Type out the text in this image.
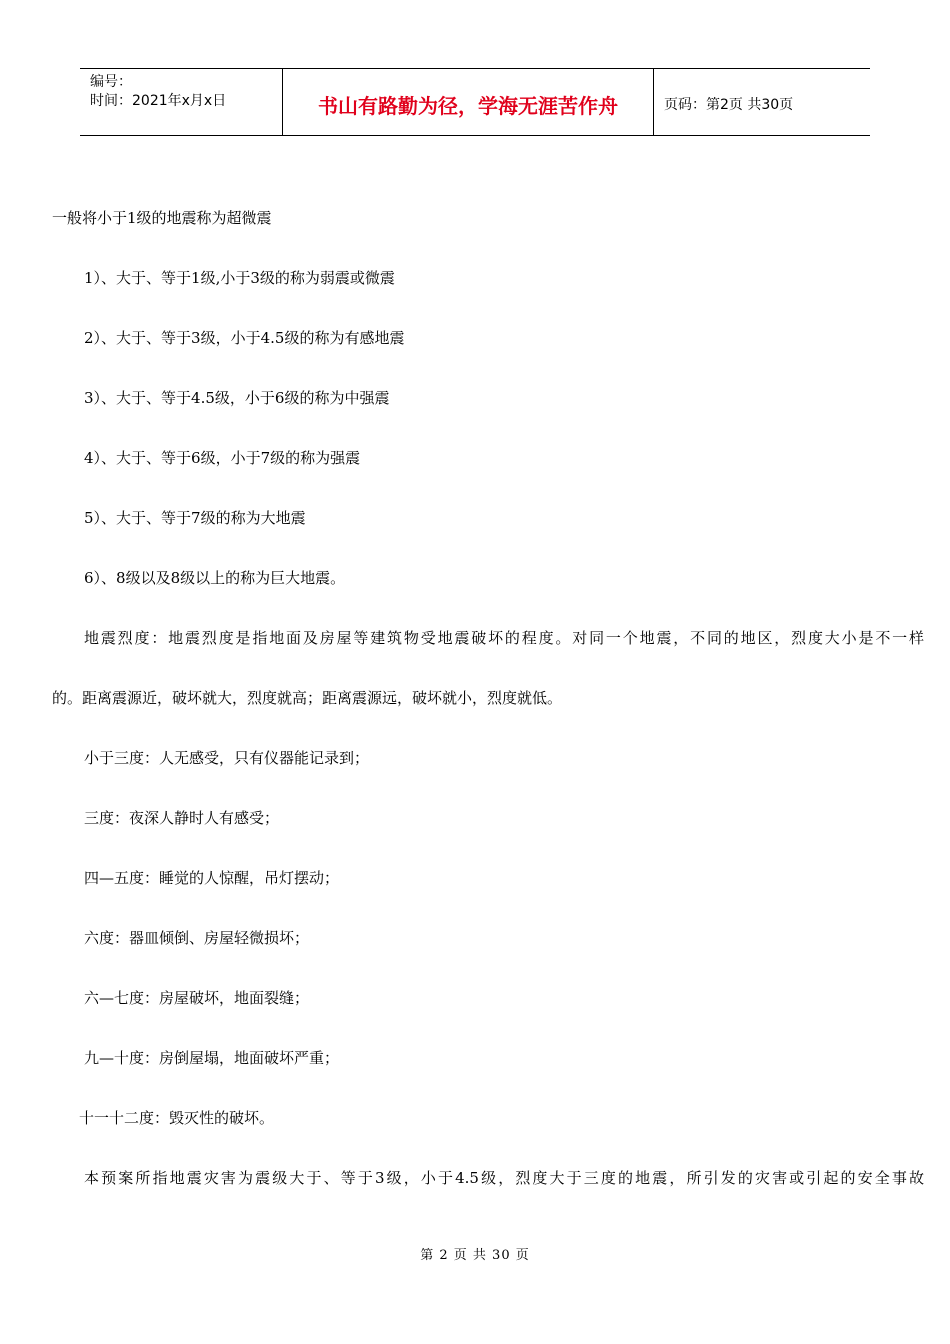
编号：
时间：2021年x月x日	书山有路勤为径，学海无涯苦作舟	页码：第2页 共30页
一般将小于1级的地震称为超微震
1）、大于、等于1级,小于3级的称为弱震或微震
2）、大于、等于3级，小于4.5级的称为有感地震
3）、大于、等于4.5级，小于6级的称为中强震
4）、大于、等于6级，小于7级的称为强震
5）、大于、等于7级的称为大地震
6）、8级以及8级以上的称为巨大地震。
地震烈度：地震烈度是指地面及房屋等建筑物受地震破坏的程度。对同一个地震，不同的地区，烈度大小是不一样
的。距离震源近，破坏就大，烈度就高；距离震源远，破坏就小，烈度就低。
小于三度：人无感受，只有仪器能记录到；
三度：夜深人静时人有感受；
四—五度：睡觉的人惊醒，吊灯摆动；
六度：器皿倾倒、房屋轻微损坏；
六—七度：房屋破坏，地面裂缝；
九—十度：房倒屋塌，地面破坏严重；
十一十二度：毁灭性的破坏。
本预案所指地震灾害为震级大于、等于3级，小于4.5级，烈度大于三度的地震，所引发的灾害或引起的安全事故
第 2 页 共 30 页
